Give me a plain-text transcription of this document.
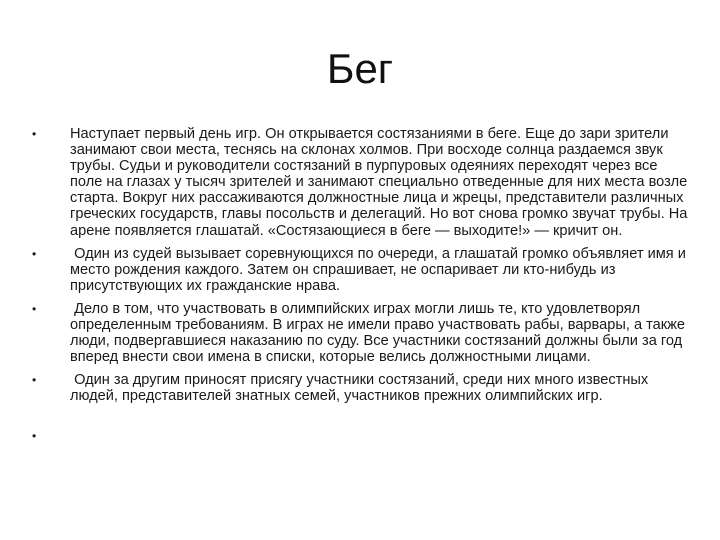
Бег
• Наступает первый день игр. Он открывается состязаниями в беге. Еще до зари зрители занимают свои места, теснясь на склонах холмов. При восходе солнца раздаемся звук трубы. Судьи и руководители состязаний в пурпуровых одеяниях переходят через все поле на глазах у тысяч зрителей и занимают специально отведенные для них места возле старта. Вокруг них рассаживаются должностные лица и жрецы, представители различных греческих государств, главы посольств и делегаций. Но вот снова громко звучат трубы. На арене появляется глашатай. «Состязающиеся в беге — выходите!» — кричит он.
• Один из судей вызывает соревнующихся по очереди, а глашатай громко объявляет имя и место рождения каждого. Затем он спрашивает, не оспаривает ли кто-нибудь из присутствующих их гражданские нрава.
• Дело в том, что участвовать в олимпийских играх могли лишь те, кто удовлетворял определенным требованиям. В играх не имели право участвовать рабы, варвары, а также люди, подвергавшиеся наказанию по суду. Все участники состязаний должны были за год вперед внести свои имена в списки, которые велись должностными лицами.
• Один за другим приносят присягу участники состязаний, среди них много известных людей, представителей знатных семей, участников прежних олимпийских игр.
•
